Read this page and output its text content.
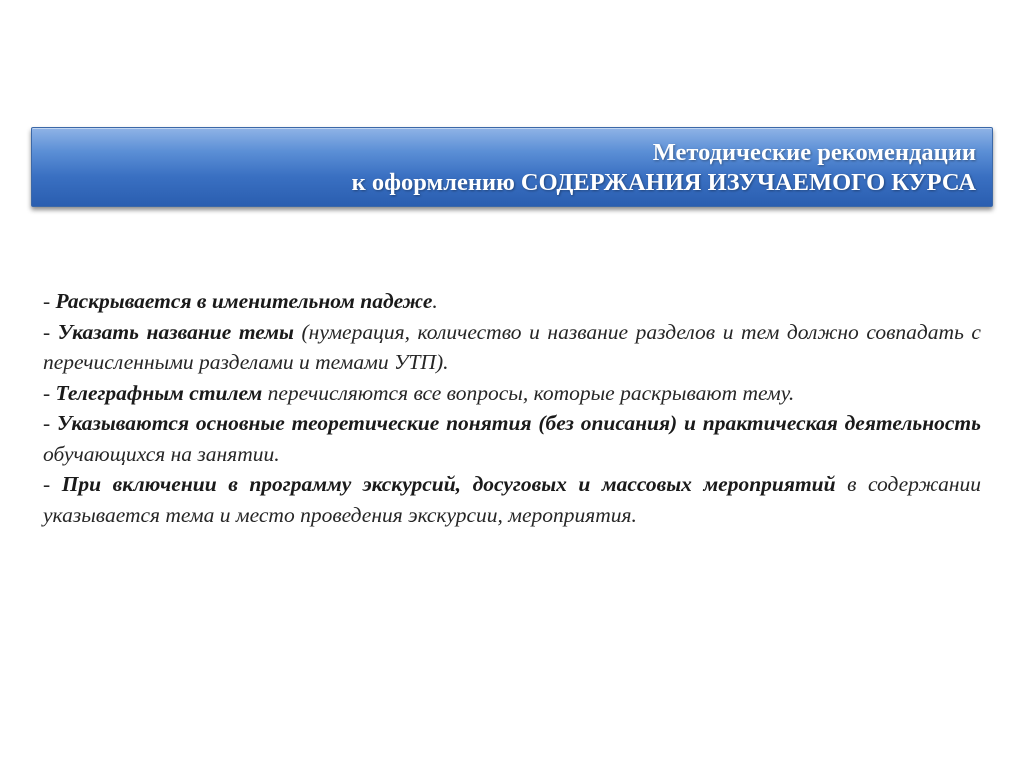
Методические рекомендации
к оформлению СОДЕРЖАНИЯ ИЗУЧАЕМОГО КУРСА

- Раскрывается в именительном падеже.

- Указать название темы (нумерация, количество и название разделов и тем должно совпадать с перечисленными разделами и темами УТП).

- Телеграфным стилем перечисляются все вопросы, которые раскрывают тему.

- Указываются основные теоретические понятия (без описания) и практическая деятельность обучающихся на занятии.

- При включении в программу экскурсий, досуговых и массовых мероприятий в содержании указывается тема и место проведения экскурсии, мероприятия.
